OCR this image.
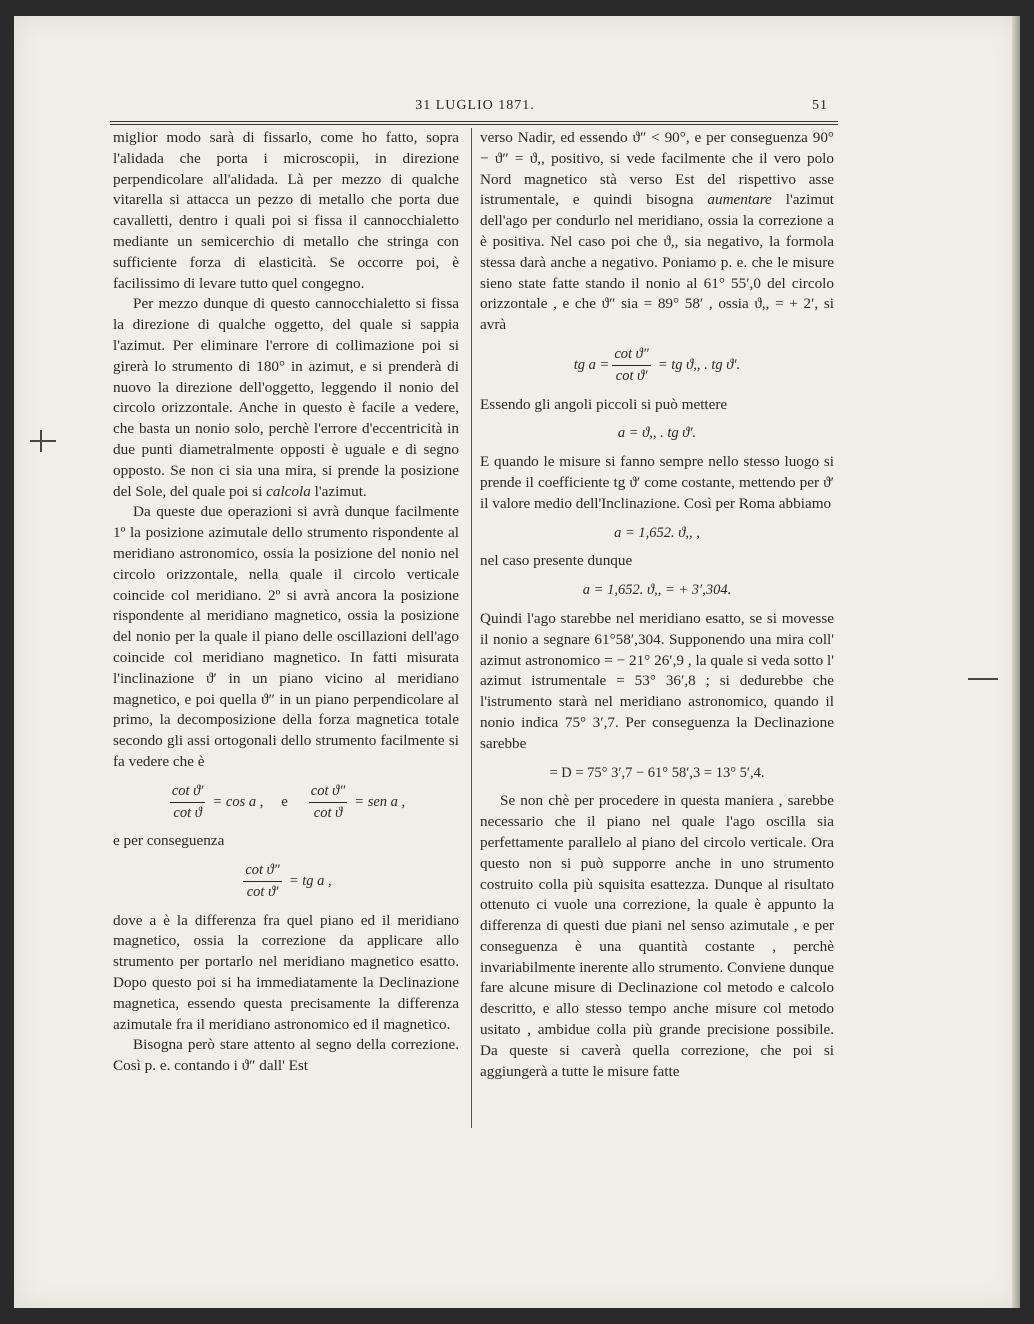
31 LUGLIO 1871.	51

miglior modo sarà di fissarlo, come ho fatto, sopra l'alidada che porta i microscopii, in direzione perpendicolare all'alidada. Là per mezzo di qualche vitarella si attacca un pezzo di metallo che porta due cavalletti, dentro i quali poi si fissa il cannocchialetto mediante un semicerchio di metallo che stringa con sufficiente forza di elasticità. Se occorre poi, è facilissimo di levare tutto quel congegno.

Per mezzo dunque di questo cannocchialetto si fissa la direzione di qualche oggetto, del quale si sappia l'azimut. Per eliminare l'errore di collimazione poi si girerà lo strumento di 180° in azimut, e si prenderà di nuovo la direzione dell'oggetto, leggendo il nonio del circolo orizzontale. Anche in questo è facile a vedere, che basta un nonio solo, perchè l'errore d'eccentricità in due punti diametralmente opposti è uguale e di segno opposto. Se non ci sia una mira, si prende la posizione del Sole, del quale poi si calcola l'azimut.

Da queste due operazioni si avrà dunque facilmente 1º la posizione azimutale dello strumento rispondente al meridiano astronomico, ossia la posizione del nonio nel circolo orizzontale, nella quale il circolo verticale coincide col meridiano. 2º si avrà ancora la posizione rispondente al meridiano magnetico, ossia la posizione del nonio per la quale il piano delle oscillazioni dell'ago coincide col meridiano magnetico. In fatti misurata l'inclinazione ϑ′ in un piano vicino al meridiano magnetico, e poi quella ϑ″ in un piano perpendicolare al primo, la decomposizione della forza magnetica totale secondo gli assi ortogonali dello strumento facilmente si fa vedere che è

$\frac{\text{cot ϑ′}}{\text{cot ϑ}} = \cos a$ , e $\frac{\text{cot ϑ″}}{\text{cot ϑ}}$ = sen a ,

e per conseguenza

$\frac{\text{cot ϑ″}}{\text{cot ϑ′}}$ = tg a ,

dove a è la differenza fra quel piano ed il meridiano magnetico, ossia la correzione da applicare allo strumento per portarlo nel meridiano magnetico esatto. Dopo questo poi si ha immediatamente la Declinazione magnetica, essendo questa precisamente la differenza azimutale fra il meridiano astronomico ed il magnetico.

Bisogna però stare attento al segno della correzione. Così p. e. contando i ϑ″ dall' Est

verso Nadir, ed essendo ϑ″ < 90°, e per conseguenza 90° − ϑ″ = ϑ,, positivo, si vede facilmente che il vero polo Nord magnetico stà verso Est del rispettivo asse istrumentale, e quindi bisogna aumentare l'azimut dell'ago per condurlo nel meridiano, ossia la correzione a è positiva. Nel caso poi che ϑ,, sia negativo, la formola stessa darà anche a negativo. Poniamo p. e. che le misure sieno state fatte stando il nonio al 61° 55′,0 del circolo orizzontale , e che ϑ″ sia = 89° 58′ , ossia ϑ,, = + 2′, si avrà

tg $a = \frac{\text{cot ϑ″}}{\text{cot ϑ′}}$ = tg ϑ,, . tg ϑ′.

Essendo gli angoli piccoli si può mettere

a = ϑ,, . tg ϑ′.

E quando le misure si fanno sempre nello stesso luogo si prende il coefficiente tg ϑ′ come costante, mettendo per ϑ′ il valore medio dell'Inclinazione. Così per Roma abbiamo

a = 1,652. ϑ,, ,

nel caso presente dunque

a = 1,652. ϑ,, = + 3′,304.

Quindi l'ago starebbe nel meridiano esatto, se si movesse il nonio a segnare 61°58′,304. Supponendo una mira coll' azimut astronomico = − 21° 26′,9 , la quale si veda sotto l' azimut istrumentale = 53° 36′,8 ; si dedurebbe che l'istrumento starà nel meridiano astronomico, quando il nonio indica 75° 3′,7. Per conseguenza la Declinazione sarebbe

= D = 75° 3′,7 − 61° 58′,3 = 13° 5′,4.

Se non chè per procedere in questa maniera , sarebbe necessario che il piano nel quale l'ago oscilla sia perfettamente parallelo al piano del circolo verticale. Ora questo non si può supporre anche in uno strumento costruito colla più squisita esattezza. Dunque al risultato ottenuto ci vuole una correzione, la quale è appunto la differenza di questi due piani nel senso azimutale , e per conseguenza è una quantità costante , perchè invariabilmente inerente allo strumento. Conviene dunque fare alcune misure di Declinazione col metodo e calcolo descritto, e allo stesso tempo anche misure col metodo usitato , ambidue colla più grande precisione possibile. Da queste si caverà quella correzione, che poi si aggiungerà a tutte le misure fatte
